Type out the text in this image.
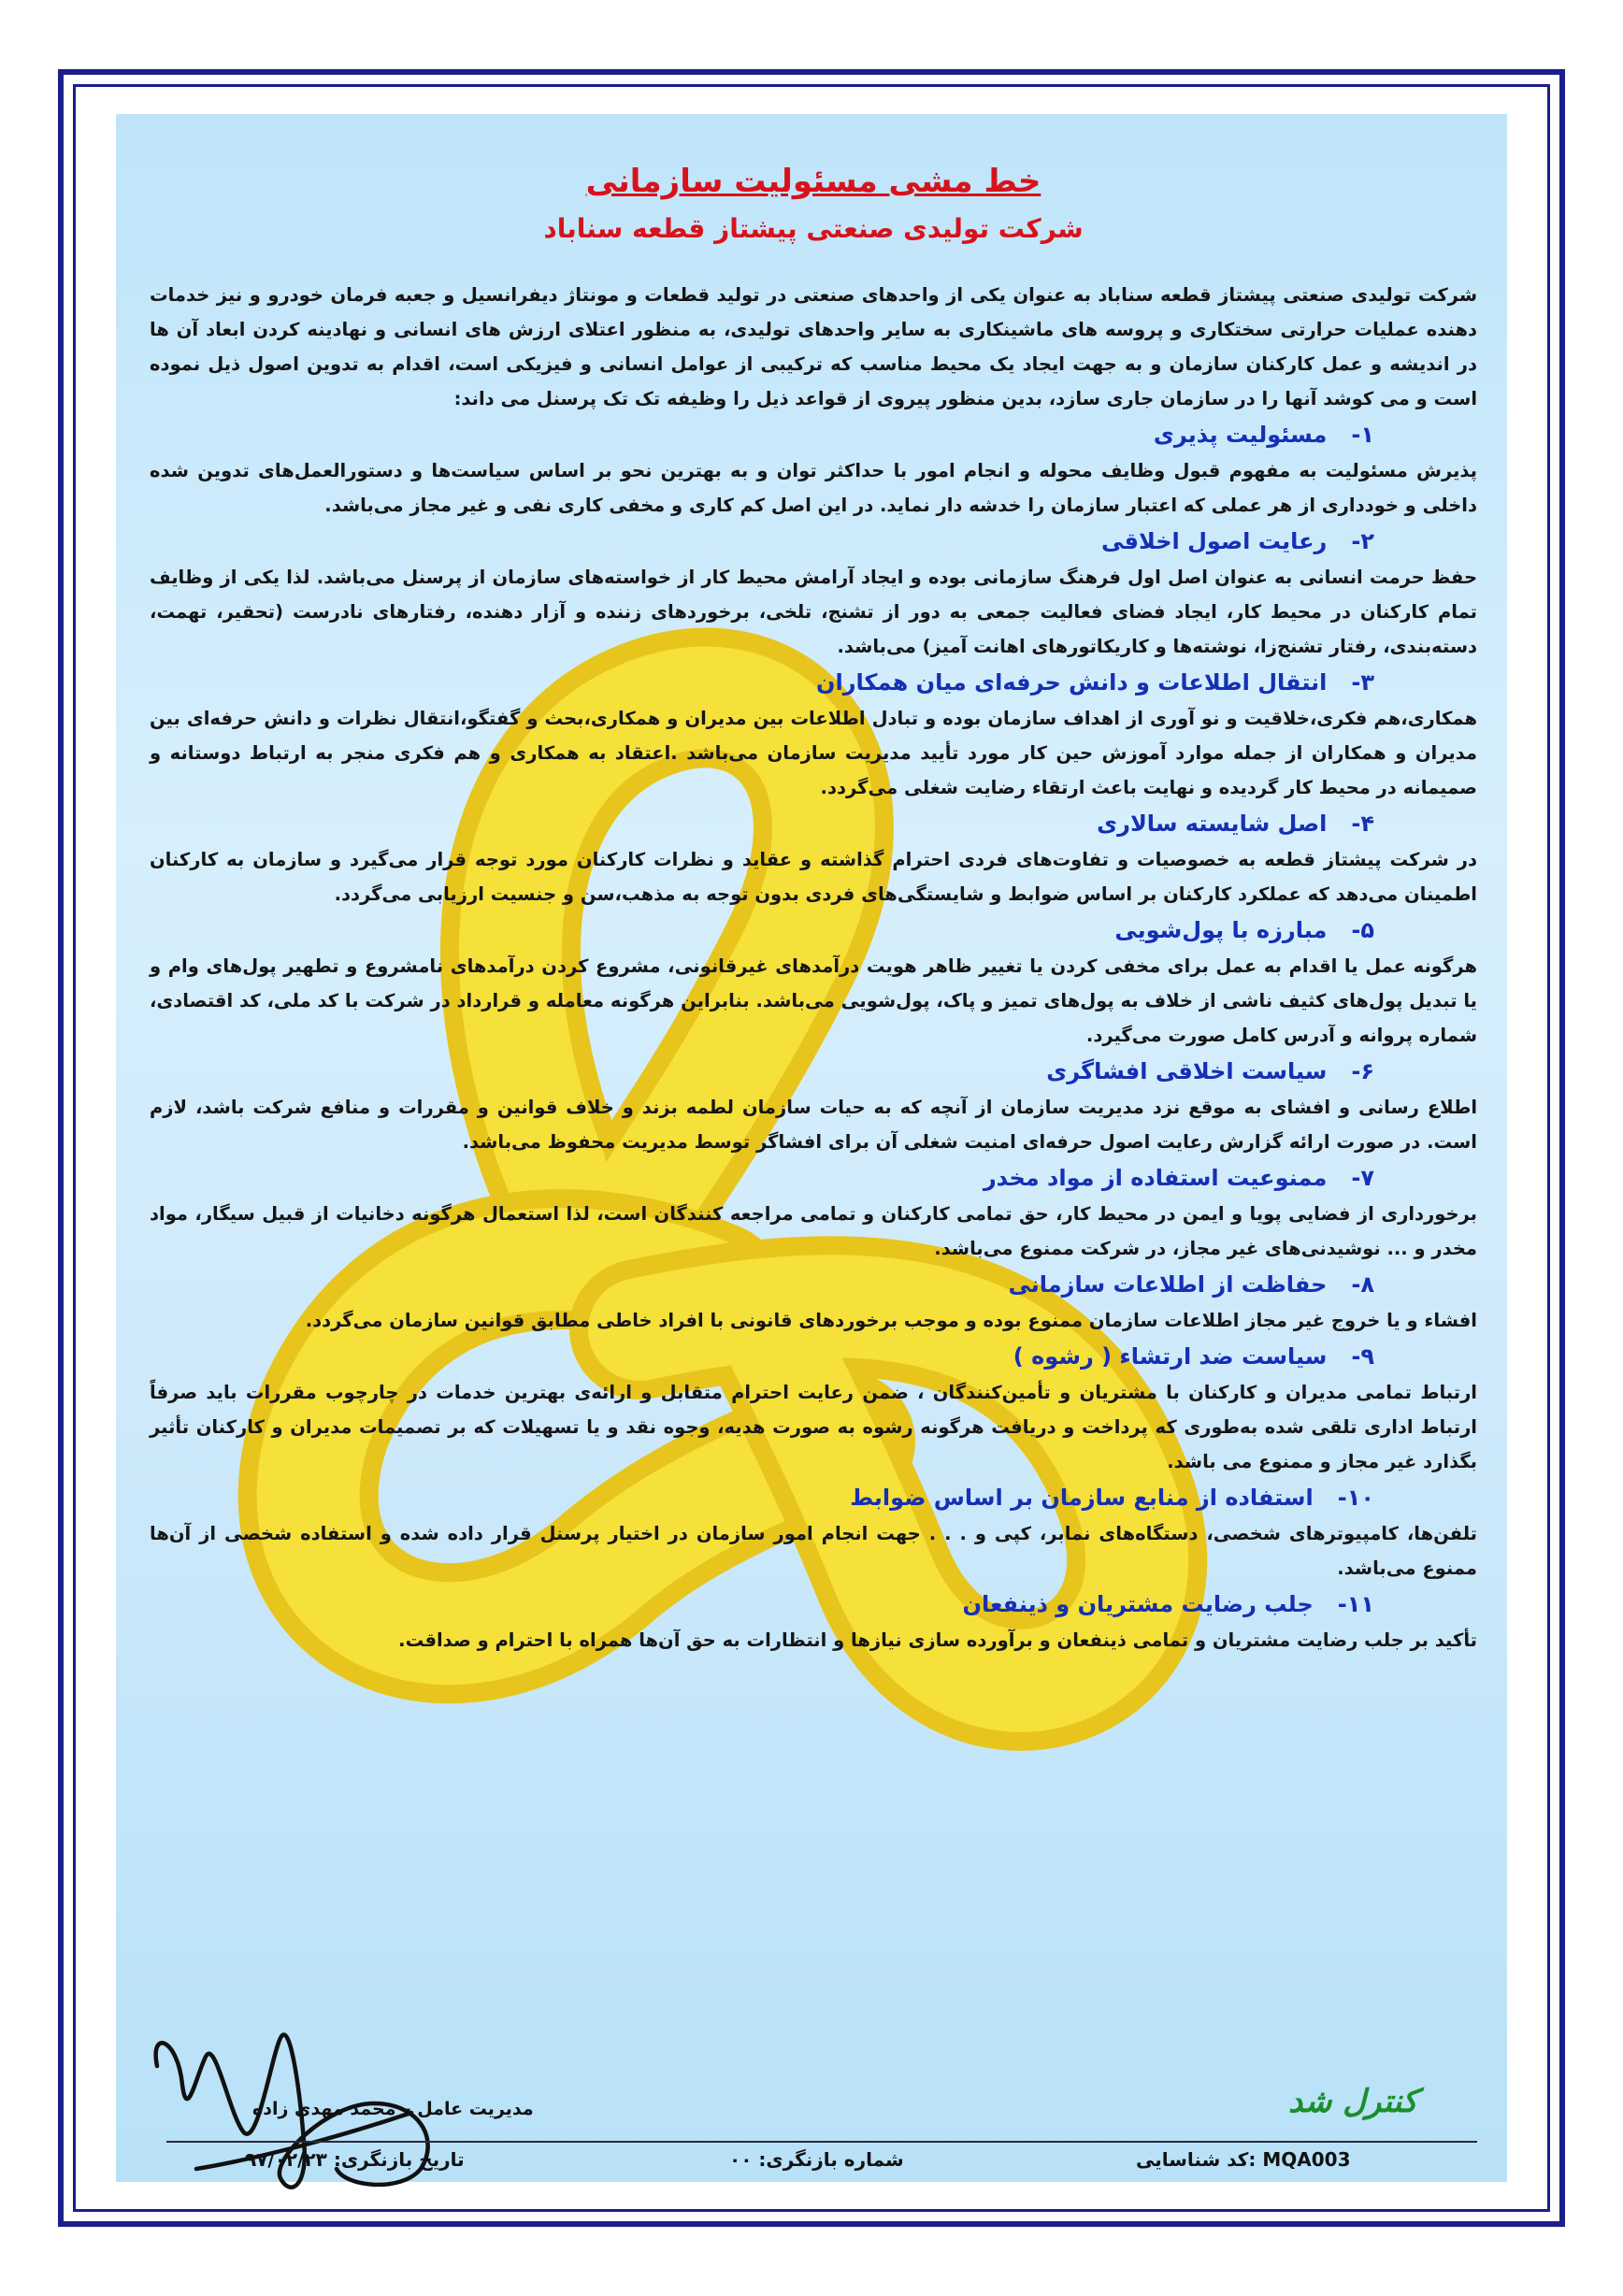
خط مشی مسئولیت سازمانی
شرکت تولیدی صنعتی پیشتاز قطعه سناباد

شرکت تولیدی صنعتی پیشتاز قطعه سناباد به عنوان یکی از واحدهای صنعتی در تولید قطعات و مونتاژ دیفرانسیل و جعبه فرمان خودرو و نیز خدمات دهنده عملیات حرارتی سختکاری و پروسه های ماشینکاری به سایر واحدهای تولیدی، به منظور اعتلای ارزش های انسانی و نهادینه کردن ابعاد آن ها در اندیشه و عمل کارکنان سازمان و به جهت ایجاد یک محیط مناسب که ترکیبی از عوامل انسانی و فیزیکی است، اقدام به تدوین اصول ذیل نموده است و می کوشد آنها را در سازمان جاری سازد، بدین منظور پیروی از قواعد ذیل را وظیفه تک تک پرسنل می داند:

۱-مسئولیت پذیری

پذیرش مسئولیت به مفهوم قبول وظایف محوله و انجام امور با حداکثر توان و به بهترین نحو بر اساس سیاست‌ها و دستورالعمل‌های تدوین شده داخلی و خودداری از هر عملی که اعتبار سازمان را خدشه دار نماید. در این اصل کم کاری و مخفی کاری نفی و غیر مجاز می‌باشد.

۲-رعایت اصول اخلاقی

حفظ حرمت انسانی به عنوان اصل اول فرهنگ سازمانی بوده و ایجاد آرامش محیط کار از خواسته‌های سازمان از پرسنل می‌باشد. لذا یکی از وظایف تمام کارکنان در محیط کار، ایجاد فضای فعالیت جمعی به دور از تشنج، تلخی، برخوردهای زننده و آزار دهنده، رفتارهای نادرست (تحقیر، تهمت، دسته‌بندی، رفتار تشنج‌زا، نوشته‌ها و کاریکاتورهای اهانت آمیز) می‌باشد.

۳-انتقال اطلاعات و دانش حرفه‌ای میان همکاران

همکاری،هم فکری،خلاقیت و نو آوری از اهداف سازمان بوده و تبادل اطلاعات بین مدیران و همکاری،بحث و گفتگو،انتقال نظرات و دانش حرفه‌ای بین مدیران و همکاران از جمله موارد آموزش حین کار مورد تأیید مدیریت سازمان می‌باشد .اعتقاد به همکاری و هم فکری منجر به ارتباط دوستانه و صمیمانه در محیط کار گردیده و نهایت باعث ارتقاء رضایت شغلی می‌گردد.

۴-اصل شایسته سالاری

در شرکت پیشتاز قطعه به خصوصیات و تفاوت‌های فردی احترام گذاشته و عقاید و نظرات کارکنان مورد توجه قرار می‌گیرد و سازمان به کارکنان اطمینان می‌دهد که عملکرد کارکنان بر اساس ضوابط و شایستگی‌های فردی بدون توجه به مذهب،سن و جنسیت ارزیابی می‌گردد.

۵-مبارزه با پول‌شویی

هرگونه عمل یا اقدام به عمل برای مخفی کردن یا تغییر ظاهر هویت درآمدهای غیرقانونی، مشروع کردن درآمدهای نامشروع و تطهیر پول‌های وام و یا تبدیل پول‌های کثیف ناشی از خلاف به پول‌های تمیز و پاک، پول‌شویی می‌باشد. بنابراین هرگونه معامله و قرارداد در شرکت با کد ملی، کد اقتصادی، شماره پروانه و آدرس کامل صورت می‌گیرد.

۶-سیاست اخلاقی افشاگری

اطلاع رسانی و افشای به موقع نزد مدیریت سازمان از آنچه که به حیات سازمان لطمه بزند و خلاف قوانین و مقررات و منافع شرکت باشد، لازم است. در صورت ارائه گزارش رعایت اصول حرفه‌ای امنیت شغلی آن برای افشاگر توسط مدیریت محفوظ می‌باشد.

۷-ممنوعیت استفاده از مواد مخدر

برخورداری از فضایی پویا و ایمن در محیط کار، حق تمامی کارکنان و تمامی مراجعه کنندگان است، لذا استعمال هرگونه دخانیات از قبیل سیگار، مواد مخدر و ... نوشیدنی‌های غیر مجاز، در شرکت ممنوع می‌باشد.

۸-حفاظت از اطلاعات سازمانی

افشاء و یا خروج غیر مجاز اطلاعات سازمان ممنوع بوده و موجب برخوردهای قانونی با افراد خاطی مطابق قوانین سازمان می‌گردد.

۹-سیاست ضد ارتشاء ( رشوه )

ارتباط تمامی مدیران و کارکنان با مشتریان و تأمین‌کنندگان ، ضمن رعایت احترام متقابل و ارائه‌ی بهترین خدمات در چارچوب مقررات باید صرفاً ارتباط اداری تلقی شده به‌طوری که پرداخت و دریافت هرگونه رشوه به صورت هدیه، وجوه نقد و یا تسهیلات که بر تصمیمات مدیران و کارکنان تأثیر بگذارد غیر مجاز و ممنوع می باشد.

۱۰-استفاده از منابع سازمان بر اساس ضوابط

تلفن‌ها، کامپیوترهای شخصی، دستگاه‌های نمابر، کپی و . . . جهت انجام امور سازمان در اختیار پرسنل قرار داده شده و استفاده شخصی از آن‌ها ممنوع می‌باشد.

۱۱-جلب رضایت مشتریان و ذینفعان

تأکید بر جلب رضایت مشتریان و تمامی ذینفعان و برآورده سازی نیازها و انتظارات به حق آن‌ها همراه با احترام و صداقت.

مدیریت عامل – محمد مهدی زاده	کنترل شد
کد شناسایی: MQA003
شماره بازنگری: ۰۰
تاریخ بازنگری: ۹۷/۰۲/۲۳
